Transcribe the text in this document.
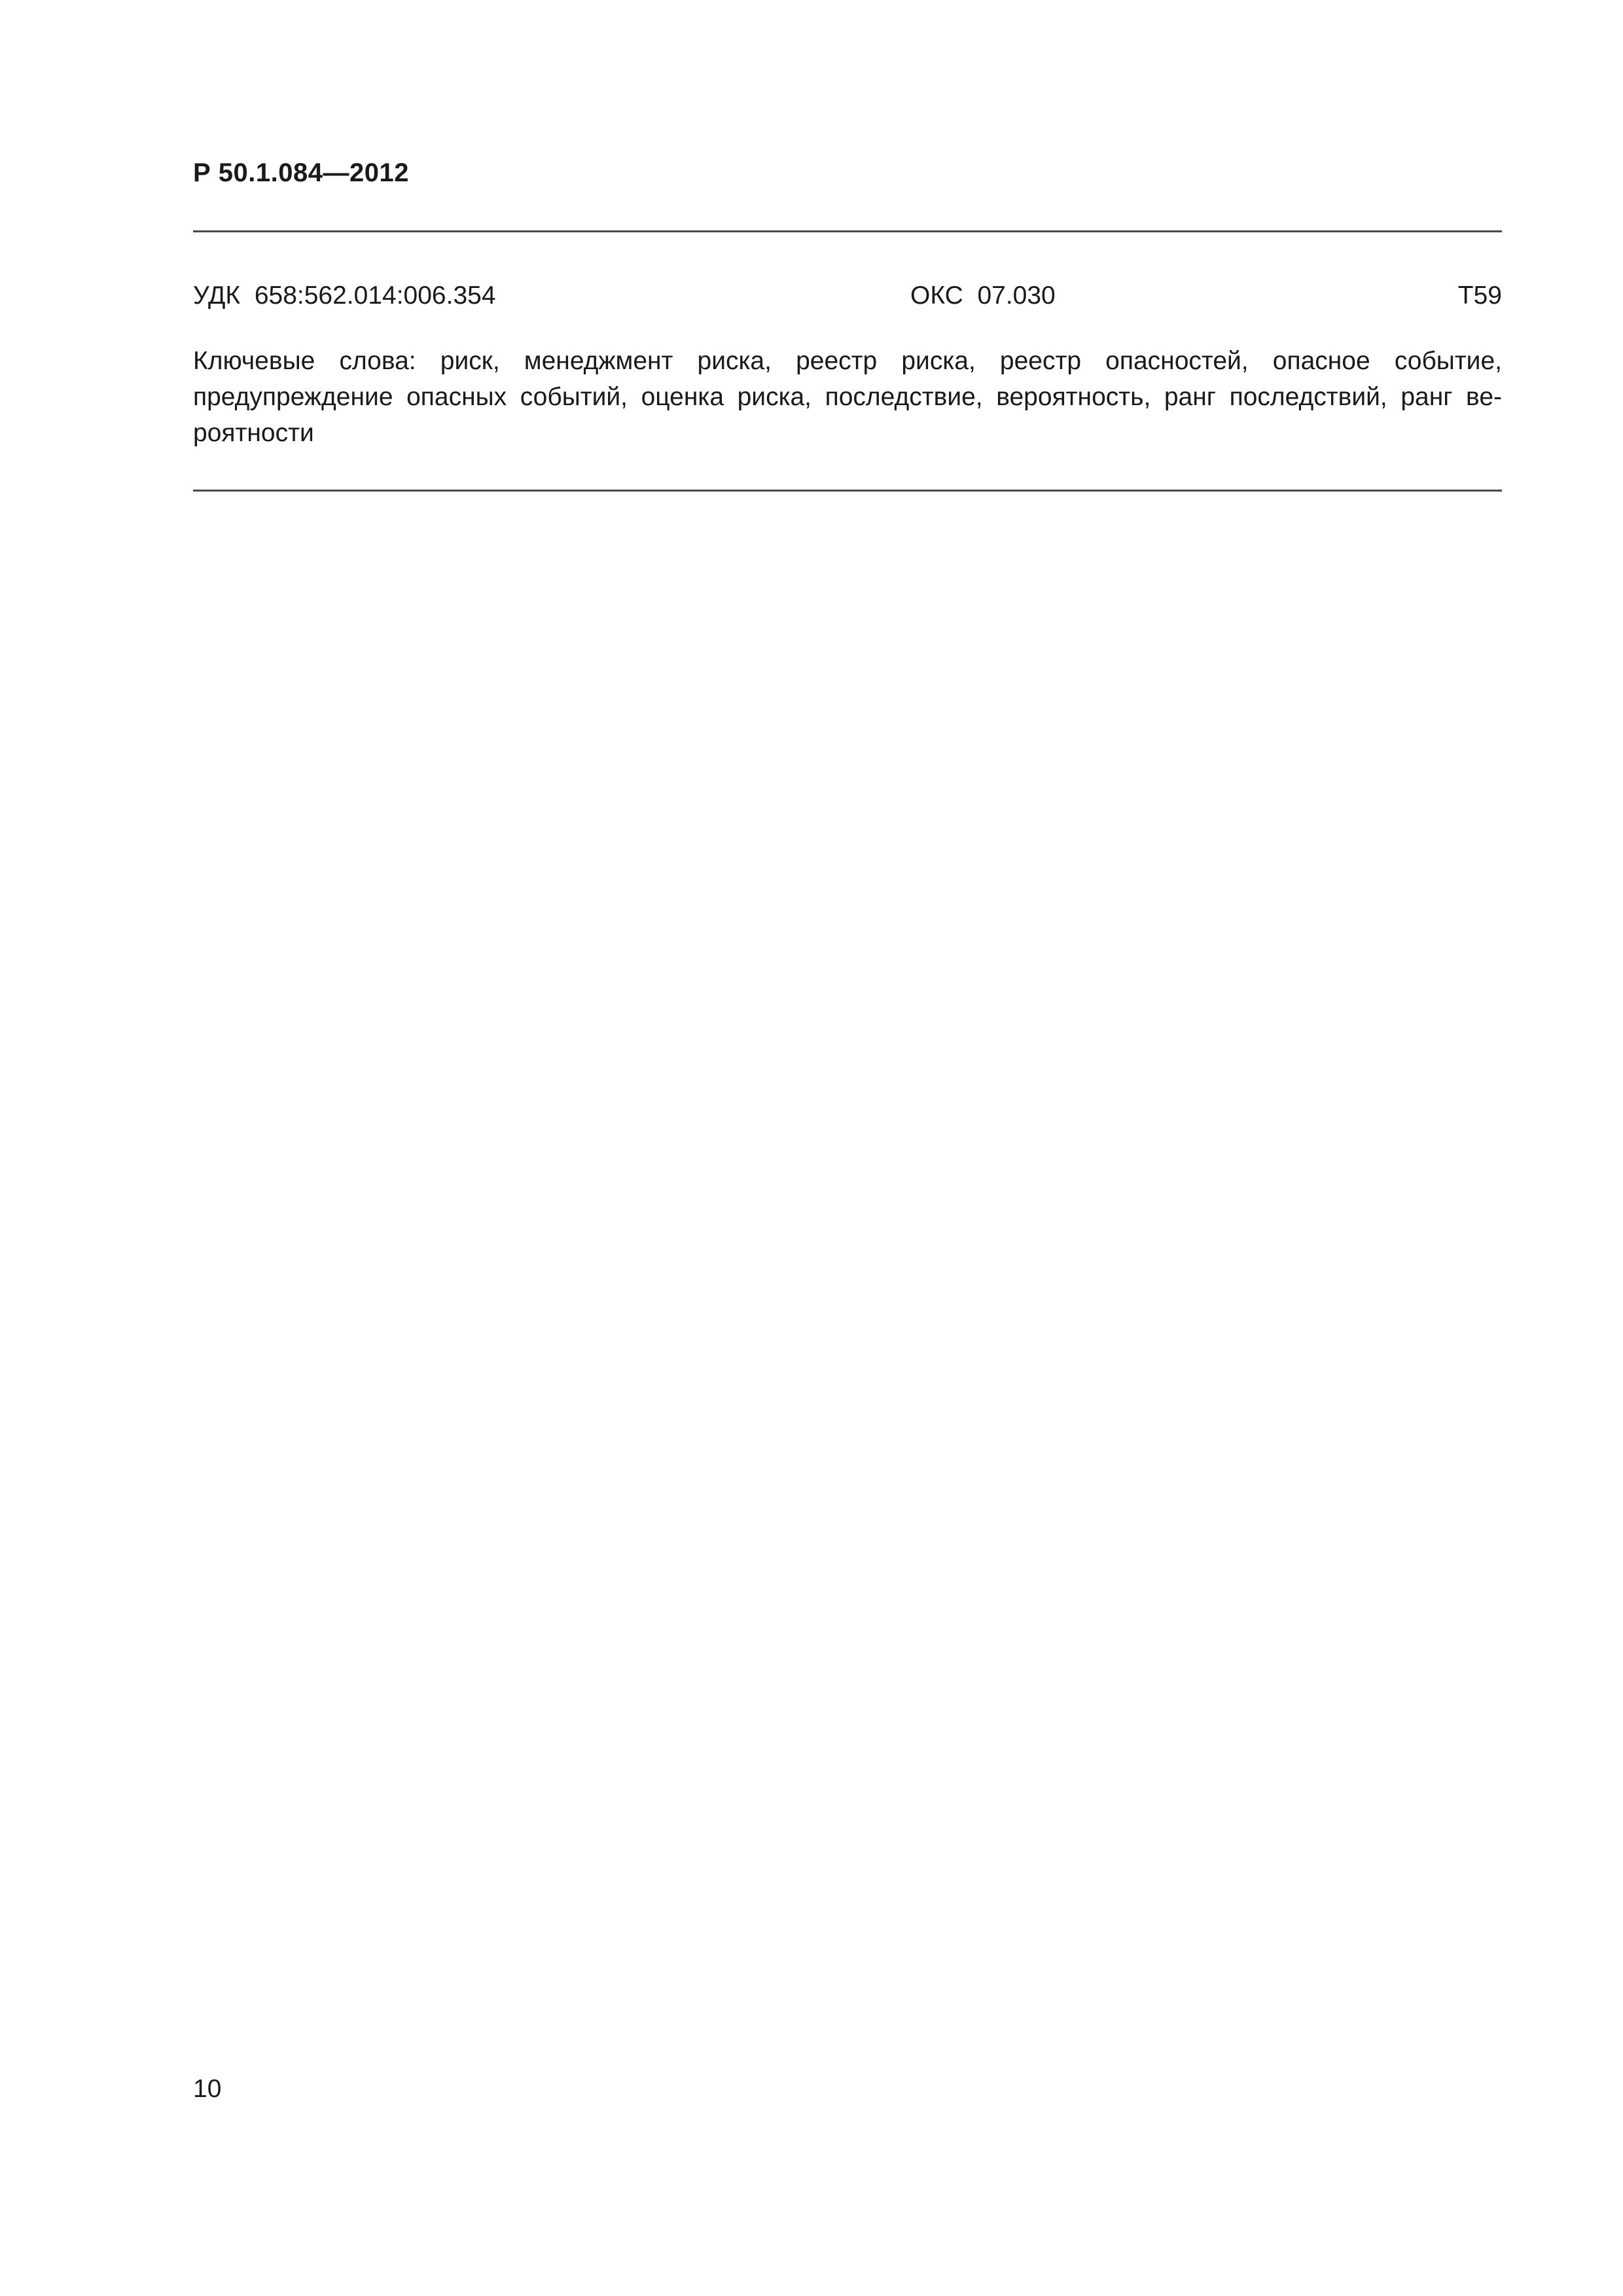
Р 50.1.084—2012
УДК  658:562.014:006.354	ОКС  07.030	Т59

Ключевые слова: риск, менеджмент риска, реестр риска, реестр опасностей, опасное событие,
предупреждение опасных событий, оценка риска, последствие, вероятность, ранг последствий, ранг ве-
роятности

10
